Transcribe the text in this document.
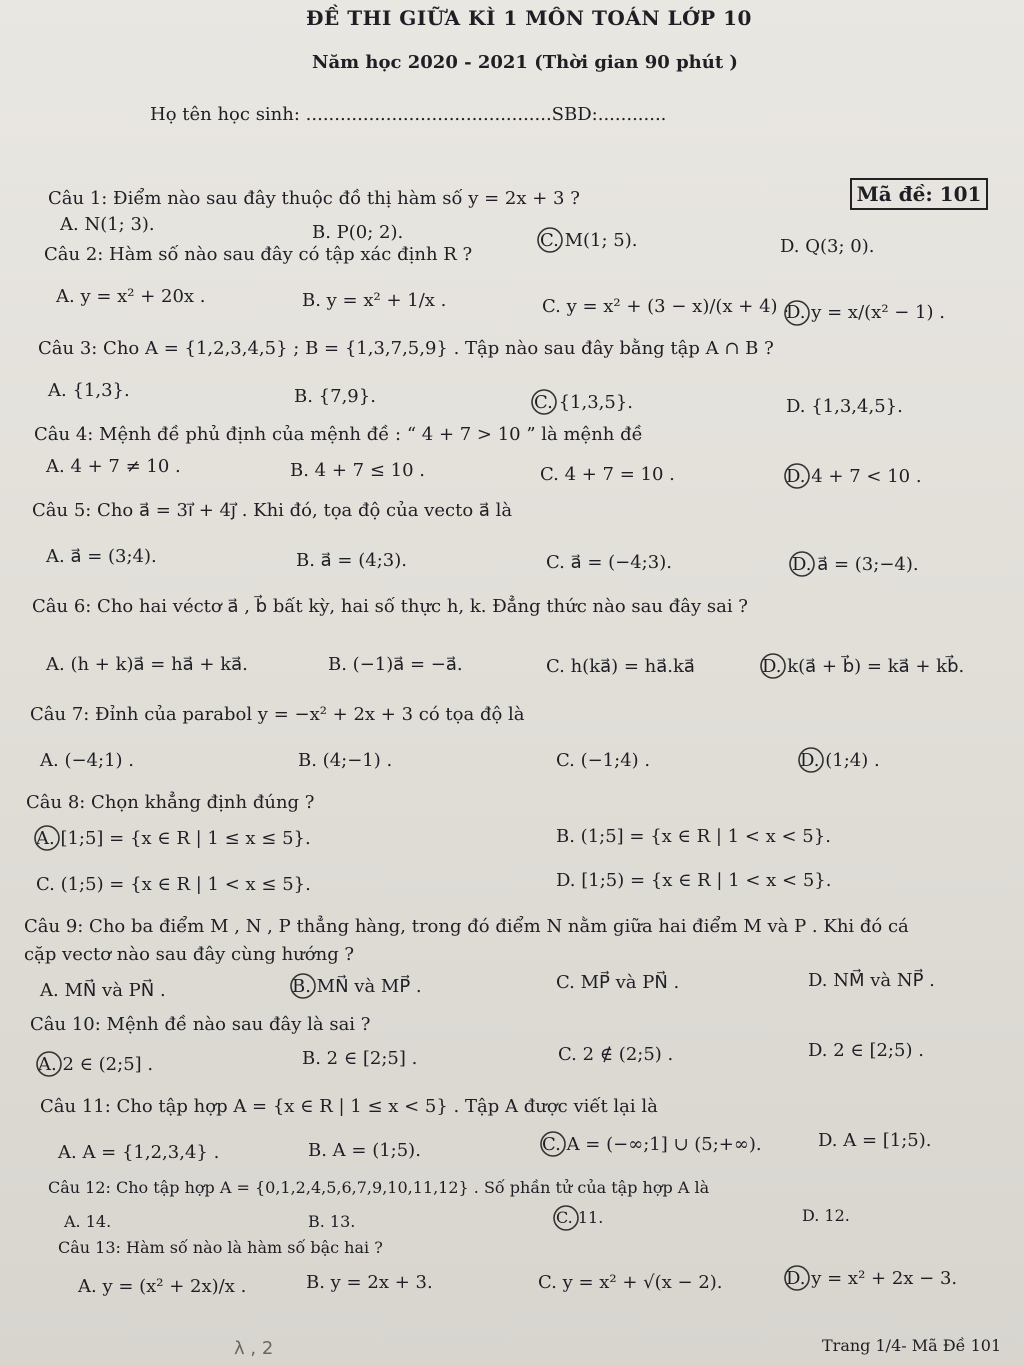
ĐỀ THI GIỮA KÌ 1 MÔN TOÁN LỚP 10
Năm học 2020 - 2021 (Thời gian 90 phút )
Họ tên học sinh: ...........................................SBD:............
Mã đề: 101
Câu 1: Điểm nào sau đây thuộc đồ thị hàm số y = 2x + 3 ?
A. N(1; 3).	B. P(0; 2).	C. M(1; 5).	D. Q(3; 0).
Câu 2: Hàm số nào sau đây có tập xác định R ?
A. y = x² + 20x .	B. y = x² + 1/x .	C. y = x² + (3 − x)/(x + 4) .
D. y = x/(x² − 1) .
Câu 3: Cho A = {1,2,3,4,5} ; B = {1,3,7,5,9} . Tập nào sau đây bằng tập A ∩ B ?
A. {1,3}.	B. {7,9}.	C. {1,3,5}.	D. {1,3,4,5}.
Câu 4: Mệnh đề phủ định của mệnh đề : “ 4 + 7 > 10 ” là mệnh đề
A. 4 + 7 ≠ 10 .	B. 4 + 7 ≤ 10 .	C. 4 + 7 = 10 .	D. 4 + 7 < 10 .
Câu 5: Cho a⃗ = 3i⃗ + 4j⃗ . Khi đó, tọa độ của vecto a⃗ là
A. a⃗ = (3;4).	B. a⃗ = (4;3).	C. a⃗ = (−4;3).	D. a⃗ = (3;−4).
Câu 6: Cho hai véctơ a⃗ , b⃗ bất kỳ, hai số thực h, k. Đẳng thức nào sau đây sai ?
A. (h + k)a⃗ = ha⃗ + ka⃗.	B. (−1)a⃗ = −a⃗.	C. h(ka⃗) = ha⃗.ka⃗	D. k(a⃗ + b⃗) = ka⃗ + kb⃗.
Câu 7: Đỉnh của parabol y = −x² + 2x + 3 có tọa độ là
A. (−4;1) .	B. (4;−1) .	C. (−1;4) .	D. (1;4) .
Câu 8: Chọn khẳng định đúng ?
A. [1;5] = {x ∈ R | 1 ≤ x ≤ 5}.	B. (1;5] = {x ∈ R | 1 < x < 5}.
C. (1;5) = {x ∈ R | 1 < x ≤ 5}.	D. [1;5) = {x ∈ R | 1 < x < 5}.
Câu 9: Cho ba điểm M , N , P thẳng hàng, trong đó điểm N nằm giữa hai điểm M và P . Khi đó cá
cặp vectơ nào sau đây cùng hướng ?
A. MN⃗ và PN⃗ .	B. MN⃗ và MP⃗ .	C. MP⃗ và PN⃗ .	D. NM⃗ và NP⃗ .
Câu 10: Mệnh đề nào sau đây là sai ?
A. 2 ∈ (2;5] .	B. 2 ∈ [2;5] .	C. 2 ∉ (2;5) .	D. 2 ∈ [2;5) .
Câu 11: Cho tập hợp A = {x ∈ R | 1 ≤ x < 5} . Tập A được viết lại là
A. A = {1,2,3,4} .	B. A = (1;5).	C. A = (−∞;1] ∪ (5;+∞).	D. A = [1;5).
Câu 12: Cho tập hợp A = {0,1,2,4,5,6,7,9,10,11,12} . Số phần tử của tập hợp A là
A. 14.	B. 13.	C. 11.	D. 12.
Câu 13: Hàm số nào là hàm số bậc hai ?
A. y = (x² + 2x)/x .	B. y = 2x + 3.	C. y = x² + √(x − 2).	D. y = x² + 2x − 3.
λ , 2	Trang 1/4- Mã Đề 101
